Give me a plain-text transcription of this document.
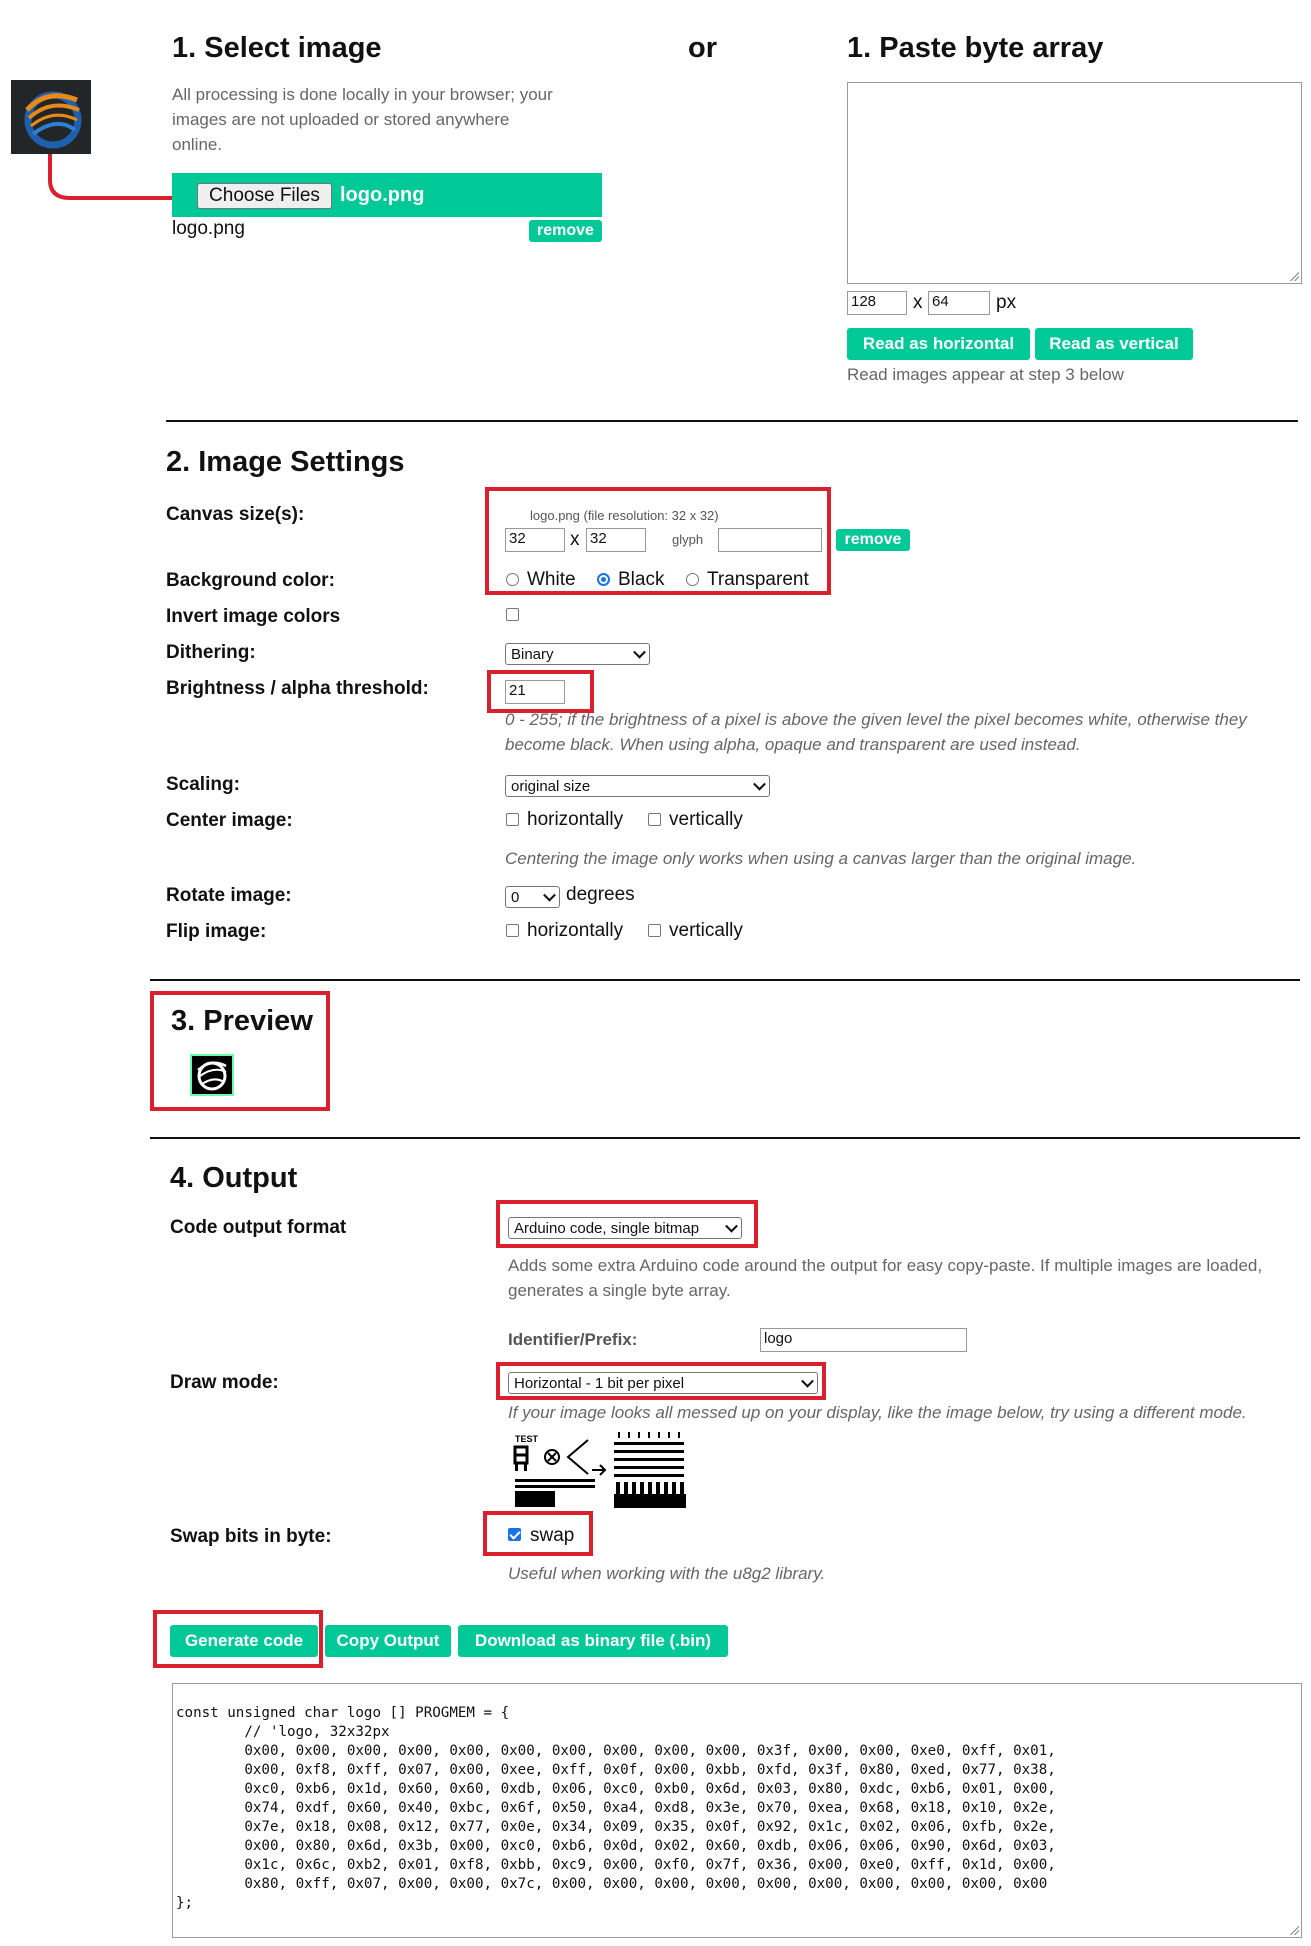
1. Select image	or
All processing is done locally in your browser; your images are not uploaded or stored anywhere online.
Choose Files logo.png
logo.png	remove
1. Paste byte array
128	x 64	px
Read as horizontal Read as vertical
Read images appear at step 3 below
2. Image Settings
Canvas size(s):	logo.png (file resolution: 32 x 32)
32	x 32	glyph	remove
Background color:	White Black Transparent
Invert image colors
Dithering:	Binary
Brightness / alpha threshold:	21
0 - 255; if the brightness of a pixel is above the given level the pixel becomes white, otherwise they become black. When using alpha, opaque and transparent are used instead.
Scaling:	original size
Center image:	horizontally vertically
Centering the image only works when using a canvas larger than the original image.
Rotate image:	0	degrees
Flip image:	horizontally vertically
3. Preview
4. Output
Code output format	Arduino code, single bitmap
Adds some extra Arduino code around the output for easy copy-paste. If multiple images are loaded, generates a single byte array.
Identifier/Prefix:	logo
Draw mode:	Horizontal - 1 bit per pixel
If your image looks all messed up on your display, like the image below, try using a different mode.
TEST
Swap bits in byte:	swap
Useful when working with the u8g2 library.
Generate code Copy Output Download as binary file (.bin)

const unsigned char logo [] PROGMEM = {
	// 'logo, 32x32px
	0x00, 0x00, 0x00, 0x00, 0x00, 0x00, 0x00, 0x00, 0x00, 0x00, 0x3f, 0x00, 0x00, 0xe0, 0xff, 0x01,
	0x00, 0xf8, 0xff, 0x07, 0x00, 0xee, 0xff, 0x0f, 0x00, 0xbb, 0xfd, 0x3f, 0x80, 0xed, 0x77, 0x38,
	0xc0, 0xb6, 0x1d, 0x60, 0x60, 0xdb, 0x06, 0xc0, 0xb0, 0x6d, 0x03, 0x80, 0xdc, 0xb6, 0x01, 0x00,
	0x74, 0xdf, 0x60, 0x40, 0xbc, 0x6f, 0x50, 0xa4, 0xd8, 0x3e, 0x70, 0xea, 0x68, 0x18, 0x10, 0x2e,
	0x7e, 0x18, 0x08, 0x12, 0x77, 0x0e, 0x34, 0x09, 0x35, 0x0f, 0x92, 0x1c, 0x02, 0x06, 0xfb, 0x2e,
	0x00, 0x80, 0x6d, 0x3b, 0x00, 0xc0, 0xb6, 0x0d, 0x02, 0x60, 0xdb, 0x06, 0x06, 0x90, 0x6d, 0x03,
	0x1c, 0x6c, 0xb2, 0x01, 0xf8, 0xbb, 0xc9, 0x00, 0xf0, 0x7f, 0x36, 0x00, 0xe0, 0xff, 0x1d, 0x00,
	0x80, 0xff, 0x07, 0x00, 0x00, 0x7c, 0x00, 0x00, 0x00, 0x00, 0x00, 0x00, 0x00, 0x00, 0x00, 0x00
};
